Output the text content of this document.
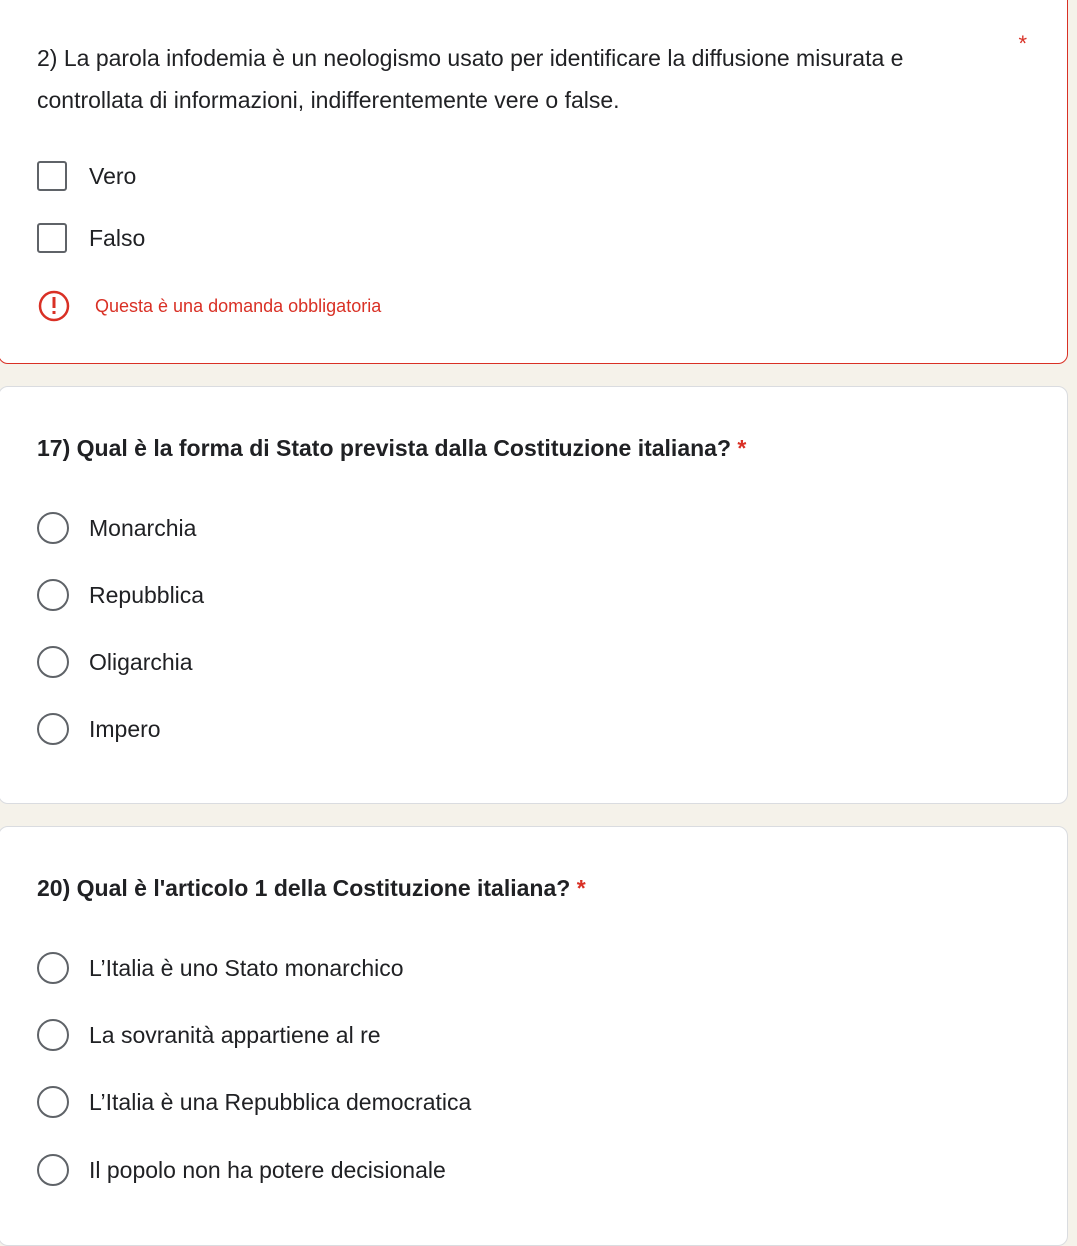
2) La parola infodemia è un neologismo usato per identificare la diffusione misurata e controllata di informazioni, indifferentemente vere o false.
*
Vero
Falso
Questa è una domanda obbligatoria
17) Qual è la forma di Stato prevista dalla Costituzione italiana? *
Monarchia
Repubblica
Oligarchia
Impero
20) Qual è l'articolo 1 della Costituzione italiana? *
L’Italia è uno Stato monarchico
La sovranità appartiene al re
L’Italia è una Repubblica democratica
Il popolo non ha potere decisionale
